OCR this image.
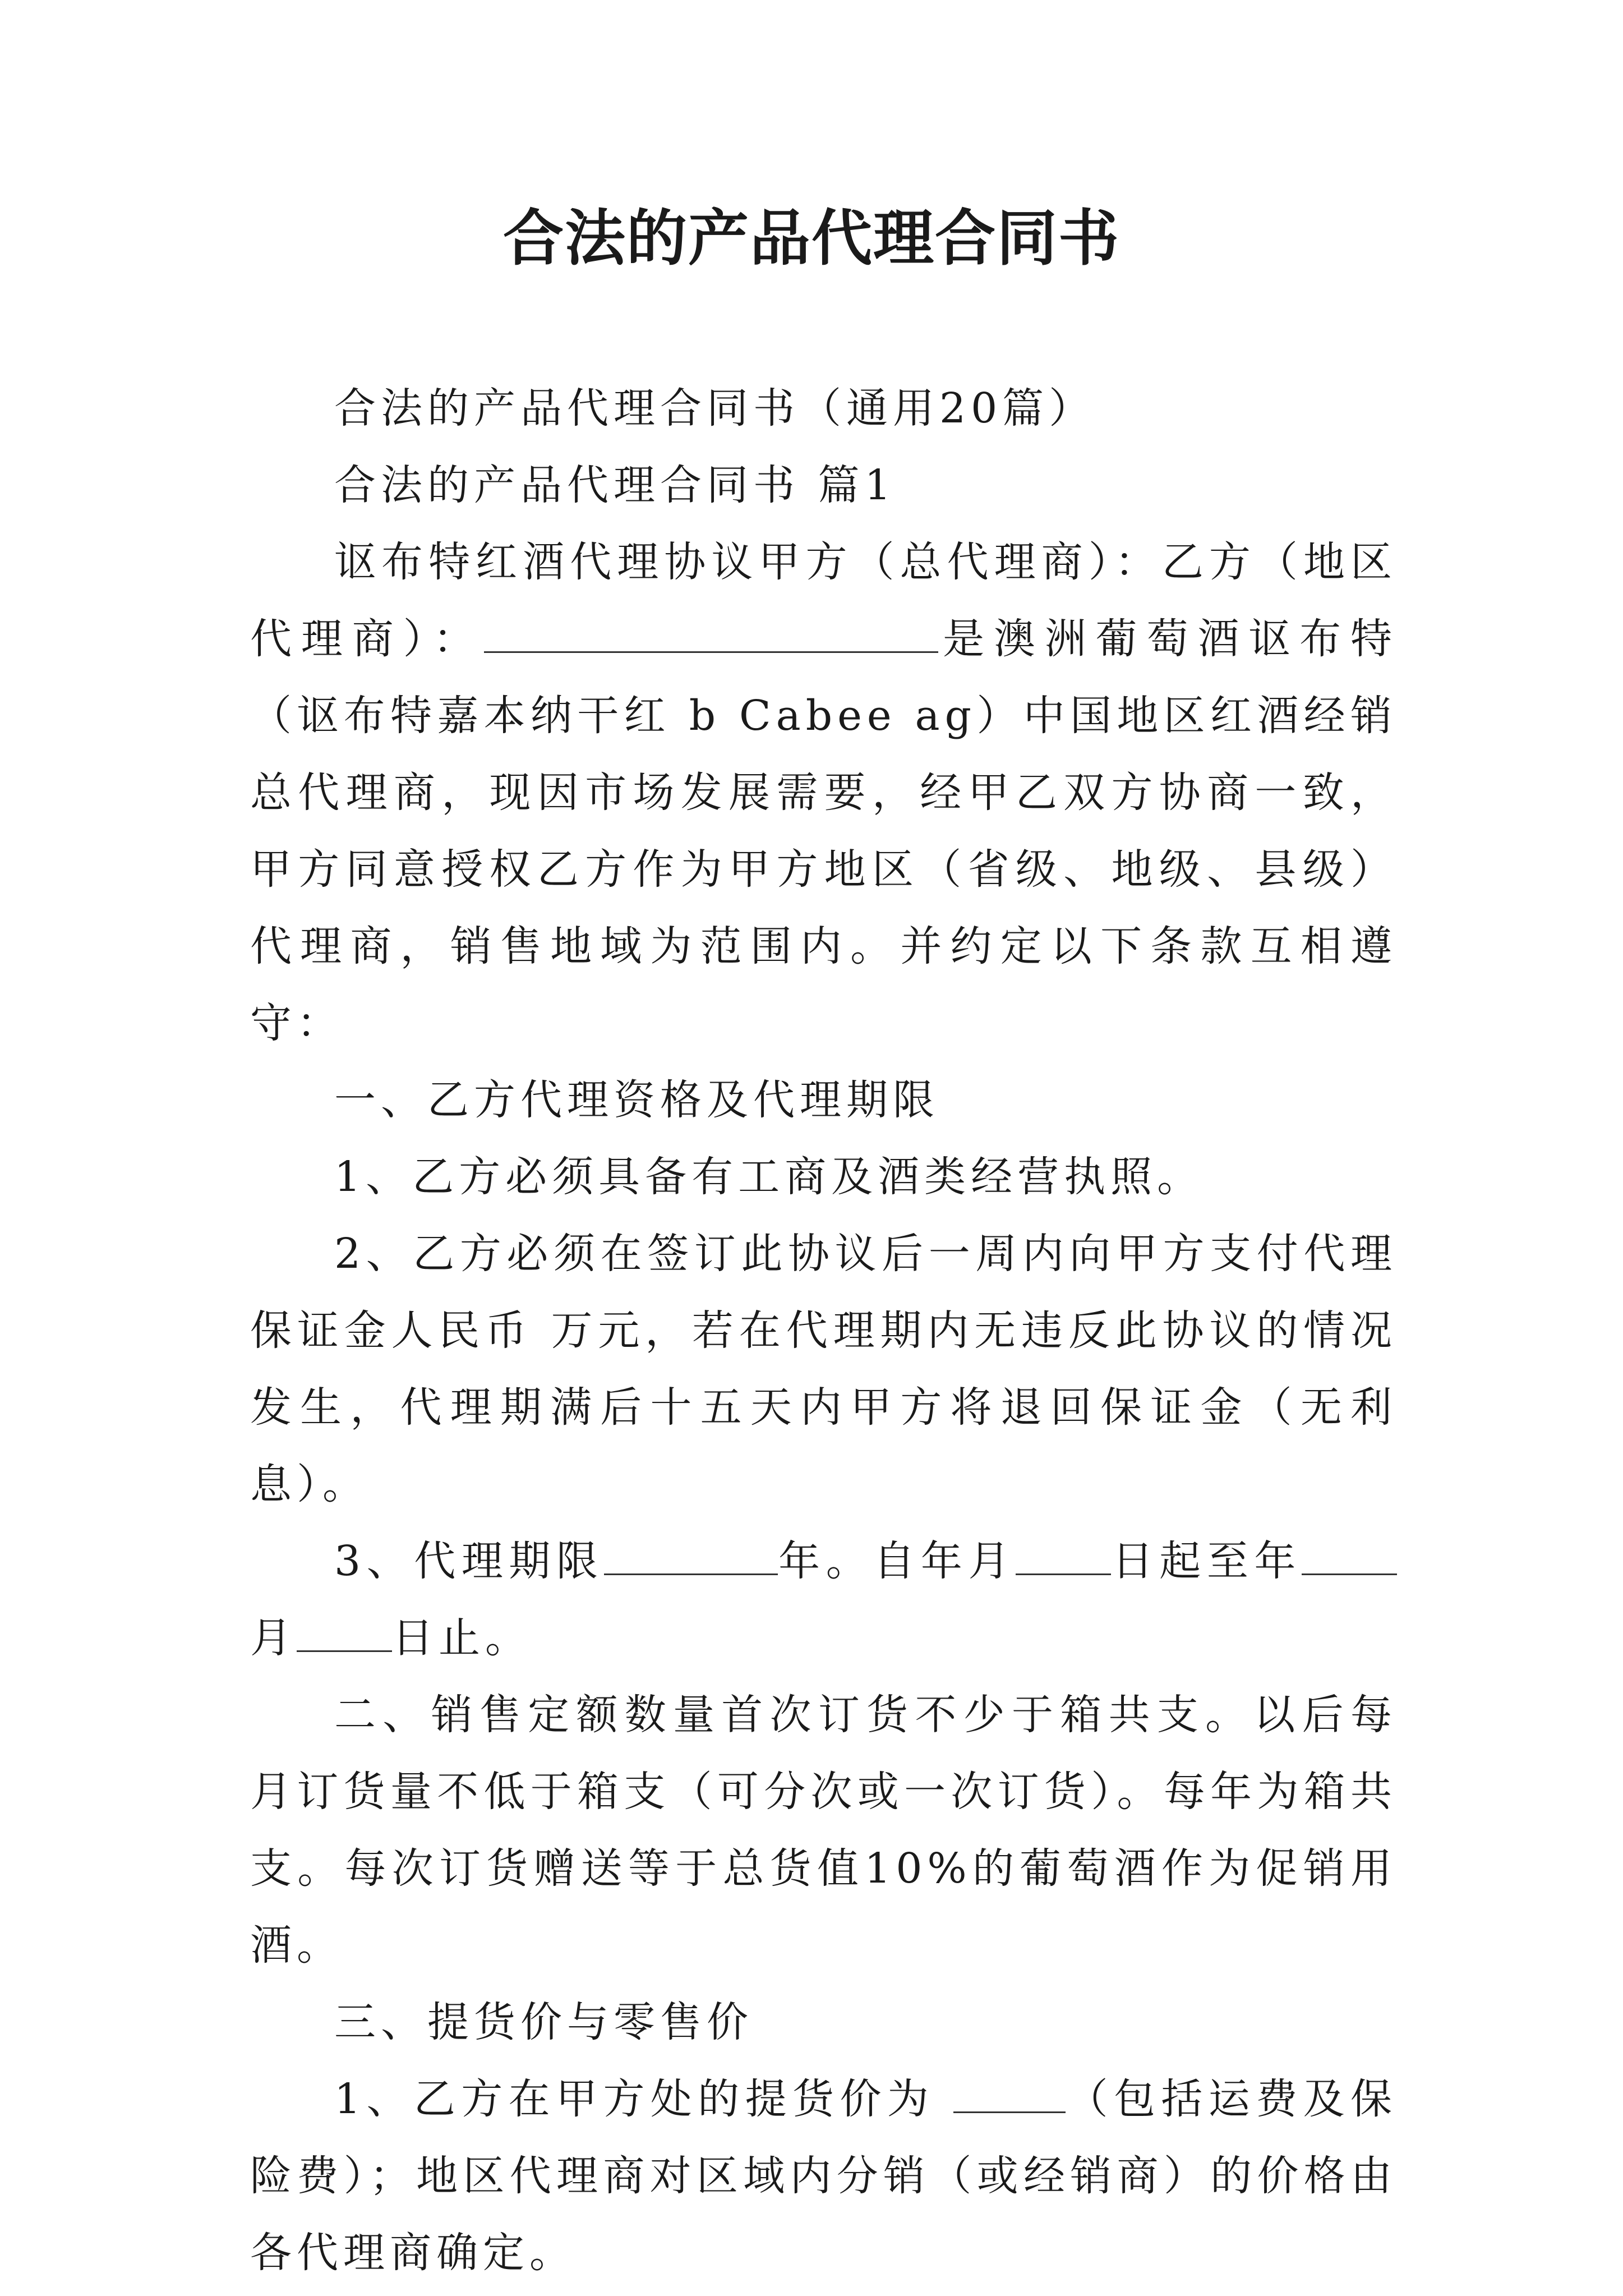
合法的产品代理合同书

合法的产品代理合同书（通用20篇）

合法的产品代理合同书 篇1

讴布特红酒代理协议甲方（总代理商）：乙方（地区代理商）：	是澳洲葡萄酒讴布特（讴布特嘉本纳干红 b Cabee ag）中国地区红酒经销总代理商，现因市场发展需要，经甲乙双方协商一致，甲方同意授权乙方作为甲方地区（省级、地级、县级）代理商，销售地域为范围内。并约定以下条款互相遵守：

一、乙方代理资格及代理期限

1、乙方必须具备有工商及酒类经营执照。

2、乙方必须在签订此协议后一周内向甲方支付代理保证金人民币 万元，若在代理期内无违反此协议的情况发生，代理期满后十五天内甲方将退回保证金（无利息）。

3、代理期限	年。自年月 日起至年月 日止。

二、销售定额数量首次订货不少于箱共支。以后每月订货量不低于箱支（可分次或一次订货）。每年为箱共支。每次订货赠送等于总货值10%的葡萄酒作为促销用酒。

三、提货价与零售价

1、乙方在甲方处的提货价为	（包括运费及保险费）；地区代理商对区域内分销（或经销商）的价格由各代理商确定。
